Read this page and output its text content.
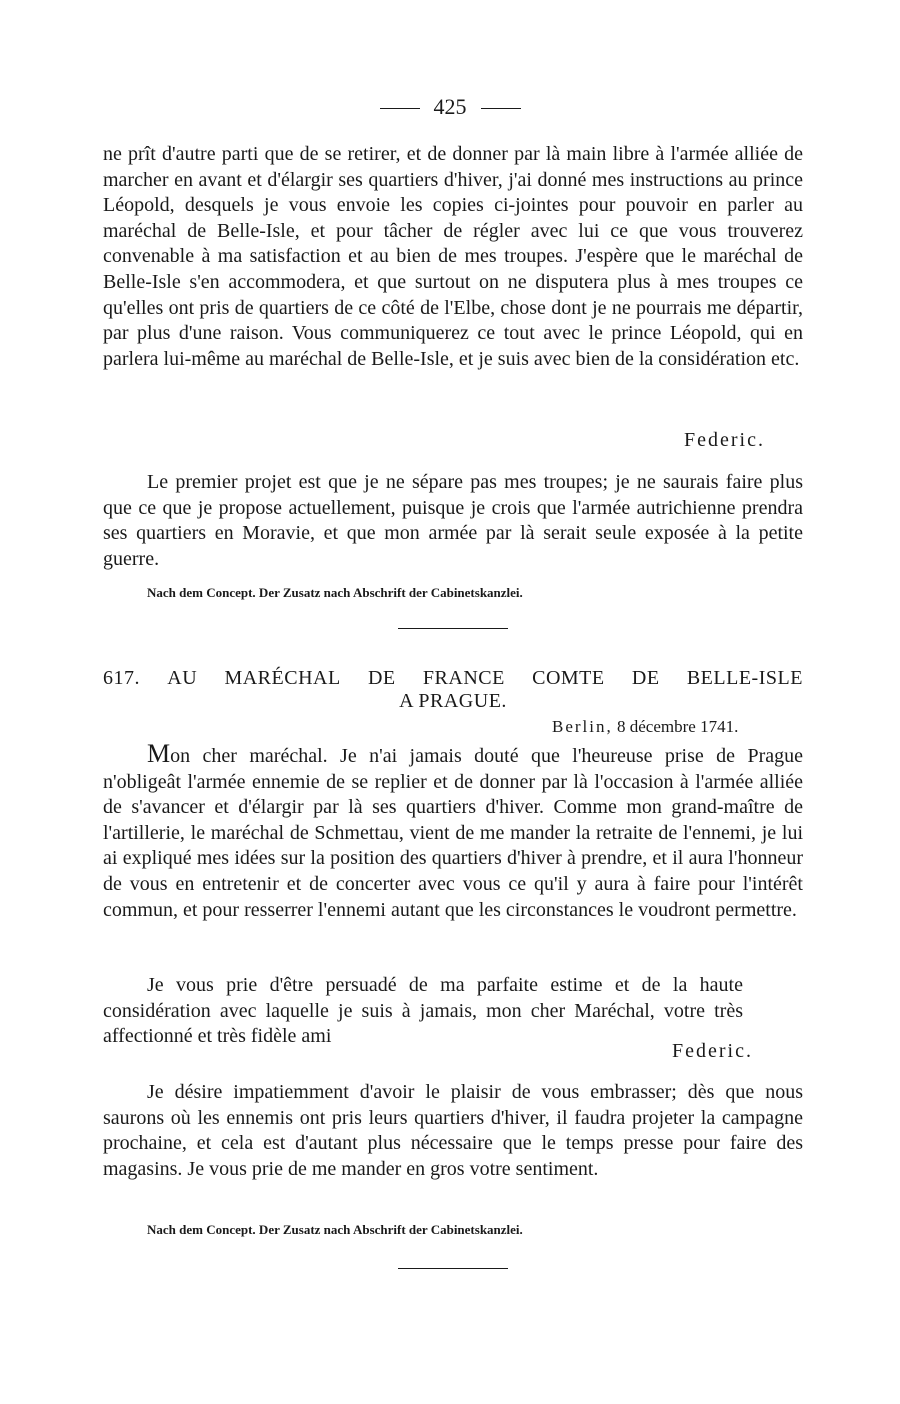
425
ne prît d'autre parti que de se retirer, et de donner par là main libre à l'armée alliée de marcher en avant et d'élargir ses quartiers d'hiver, j'ai donné mes instructions au prince Léopold, desquels je vous envoie les copies ci-jointes pour pouvoir en parler au maréchal de Belle-Isle, et pour tâcher de régler avec lui ce que vous trouverez convenable à ma satisfaction et au bien de mes troupes. J'espère que le maréchal de Belle-Isle s'en accommodera, et que surtout on ne disputera plus à mes troupes ce qu'elles ont pris de quartiers de ce côté de l'Elbe, chose dont je ne pourrais me départir, par plus d'une raison. Vous communiquerez ce tout avec le prince Léopold, qui en parlera lui-même au maréchal de Belle-Isle, et je suis avec bien de la considération etc.
Federic.
Le premier projet est que je ne sépare pas mes troupes; je ne saurais faire plus que ce que je propose actuellement, puisque je crois que l'armée autrichienne prendra ses quartiers en Moravie, et que mon armée par là serait seule exposée à la petite guerre.
Nach dem Concept. Der Zusatz nach Abschrift der Cabinetskanzlei.
617. AU MARÉCHAL DE FRANCE COMTE DE BELLE-ISLE
A PRAGUE.
Berlin, 8 décembre 1741.
Mon cher maréchal. Je n'ai jamais douté que l'heureuse prise de Prague n'obligeât l'armée ennemie de se replier et de donner par là l'occasion à l'armée alliée de s'avancer et d'élargir par là ses quartiers d'hiver. Comme mon grand-maître de l'artillerie, le maréchal de Schmettau, vient de me mander la retraite de l'ennemi, je lui ai expliqué mes idées sur la position des quartiers d'hiver à prendre, et il aura l'honneur de vous en entretenir et de concerter avec vous ce qu'il y aura à faire pour l'intérêt commun, et pour resserrer l'ennemi autant que les circonstances le voudront permettre.
Je vous prie d'être persuadé de ma parfaite estime et de la haute considération avec laquelle je suis à jamais, mon cher Maréchal, votre très affectionné et très fidèle ami
Federic.
Je désire impatiemment d'avoir le plaisir de vous embrasser; dès que nous saurons où les ennemis ont pris leurs quartiers d'hiver, il faudra projeter la campagne prochaine, et cela est d'autant plus nécessaire que le temps presse pour faire des magasins. Je vous prie de me mander en gros votre sentiment.
Nach dem Concept. Der Zusatz nach Abschrift der Cabinetskanzlei.
